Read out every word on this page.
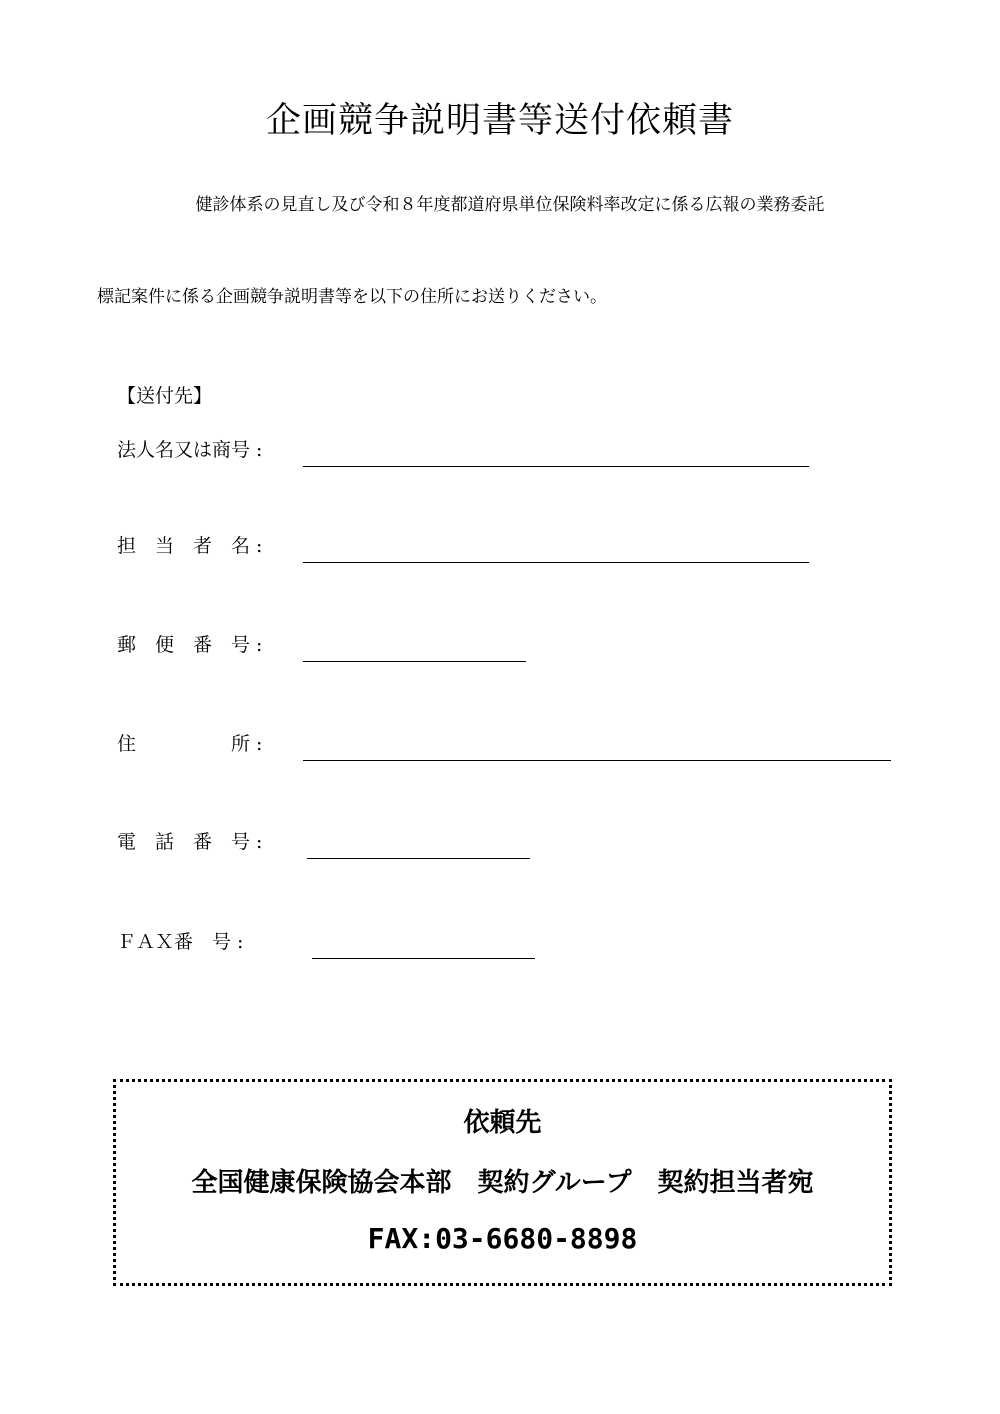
企画競争説明書等送付依頼書
健診体系の見直し及び令和８年度都道府県単位保険料率改定に係る広報の業務委託
標記案件に係る企画競争説明書等を以下の住所にお送りください。
【送付先】
法人名又は商号 :
担　当　者　名 :
郵　便　番　号 :
住　　　　　所 :
電　話　番　号 :
ＦＡＸ番　号 :
依頼先
全国健康保険協会本部　契約グループ　契約担当者宛
FAX:03-6680-8898
